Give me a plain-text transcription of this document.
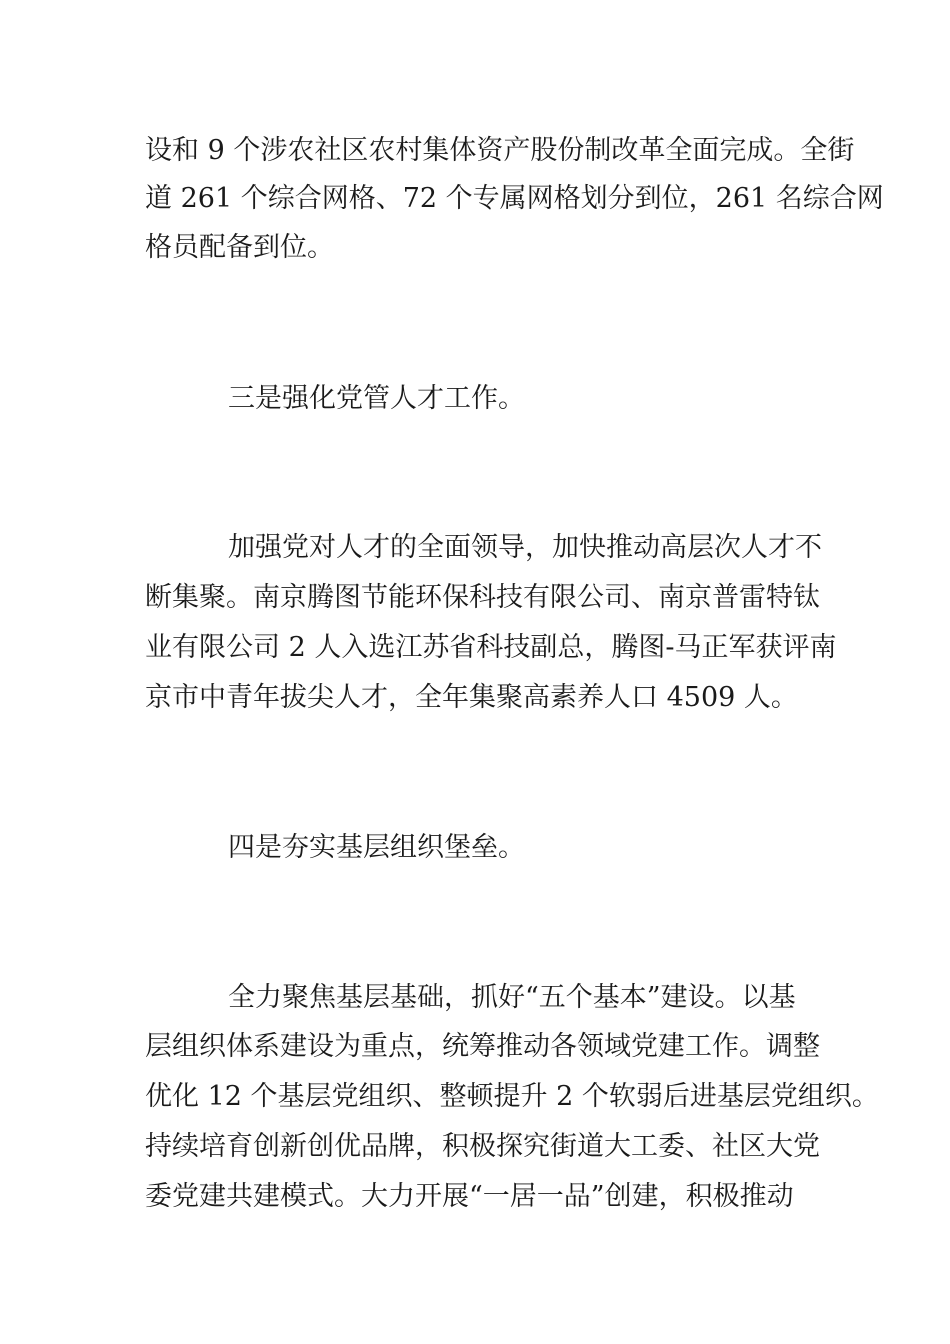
设和 9 个涉农社区农村集体资产股份制改革全面完成。全街

道 261 个综合网格、72 个专属网格划分到位，261 名综合网

格员配备到位。

三是强化党管人才工作。

加强党对人才的全面领导，加快推动高层次人才不

断集聚。南京腾图节能环保科技有限公司、南京普雷特钛

业有限公司 2 人入选江苏省科技副总，腾图-马正军获评南

京市中青年拔尖人才，全年集聚高素养人口 4509 人。

四是夯实基层组织堡垒。

全力聚焦基层基础，抓好“五个基本”建设。以基

层组织体系建设为重点，统筹推动各领域党建工作。调整

优化 12 个基层党组织、整顿提升 2 个软弱后进基层党组织。

持续培育创新创优品牌，积极探究街道大工委、社区大党

委党建共建模式。大力开展“一居一品”创建，积极推动
